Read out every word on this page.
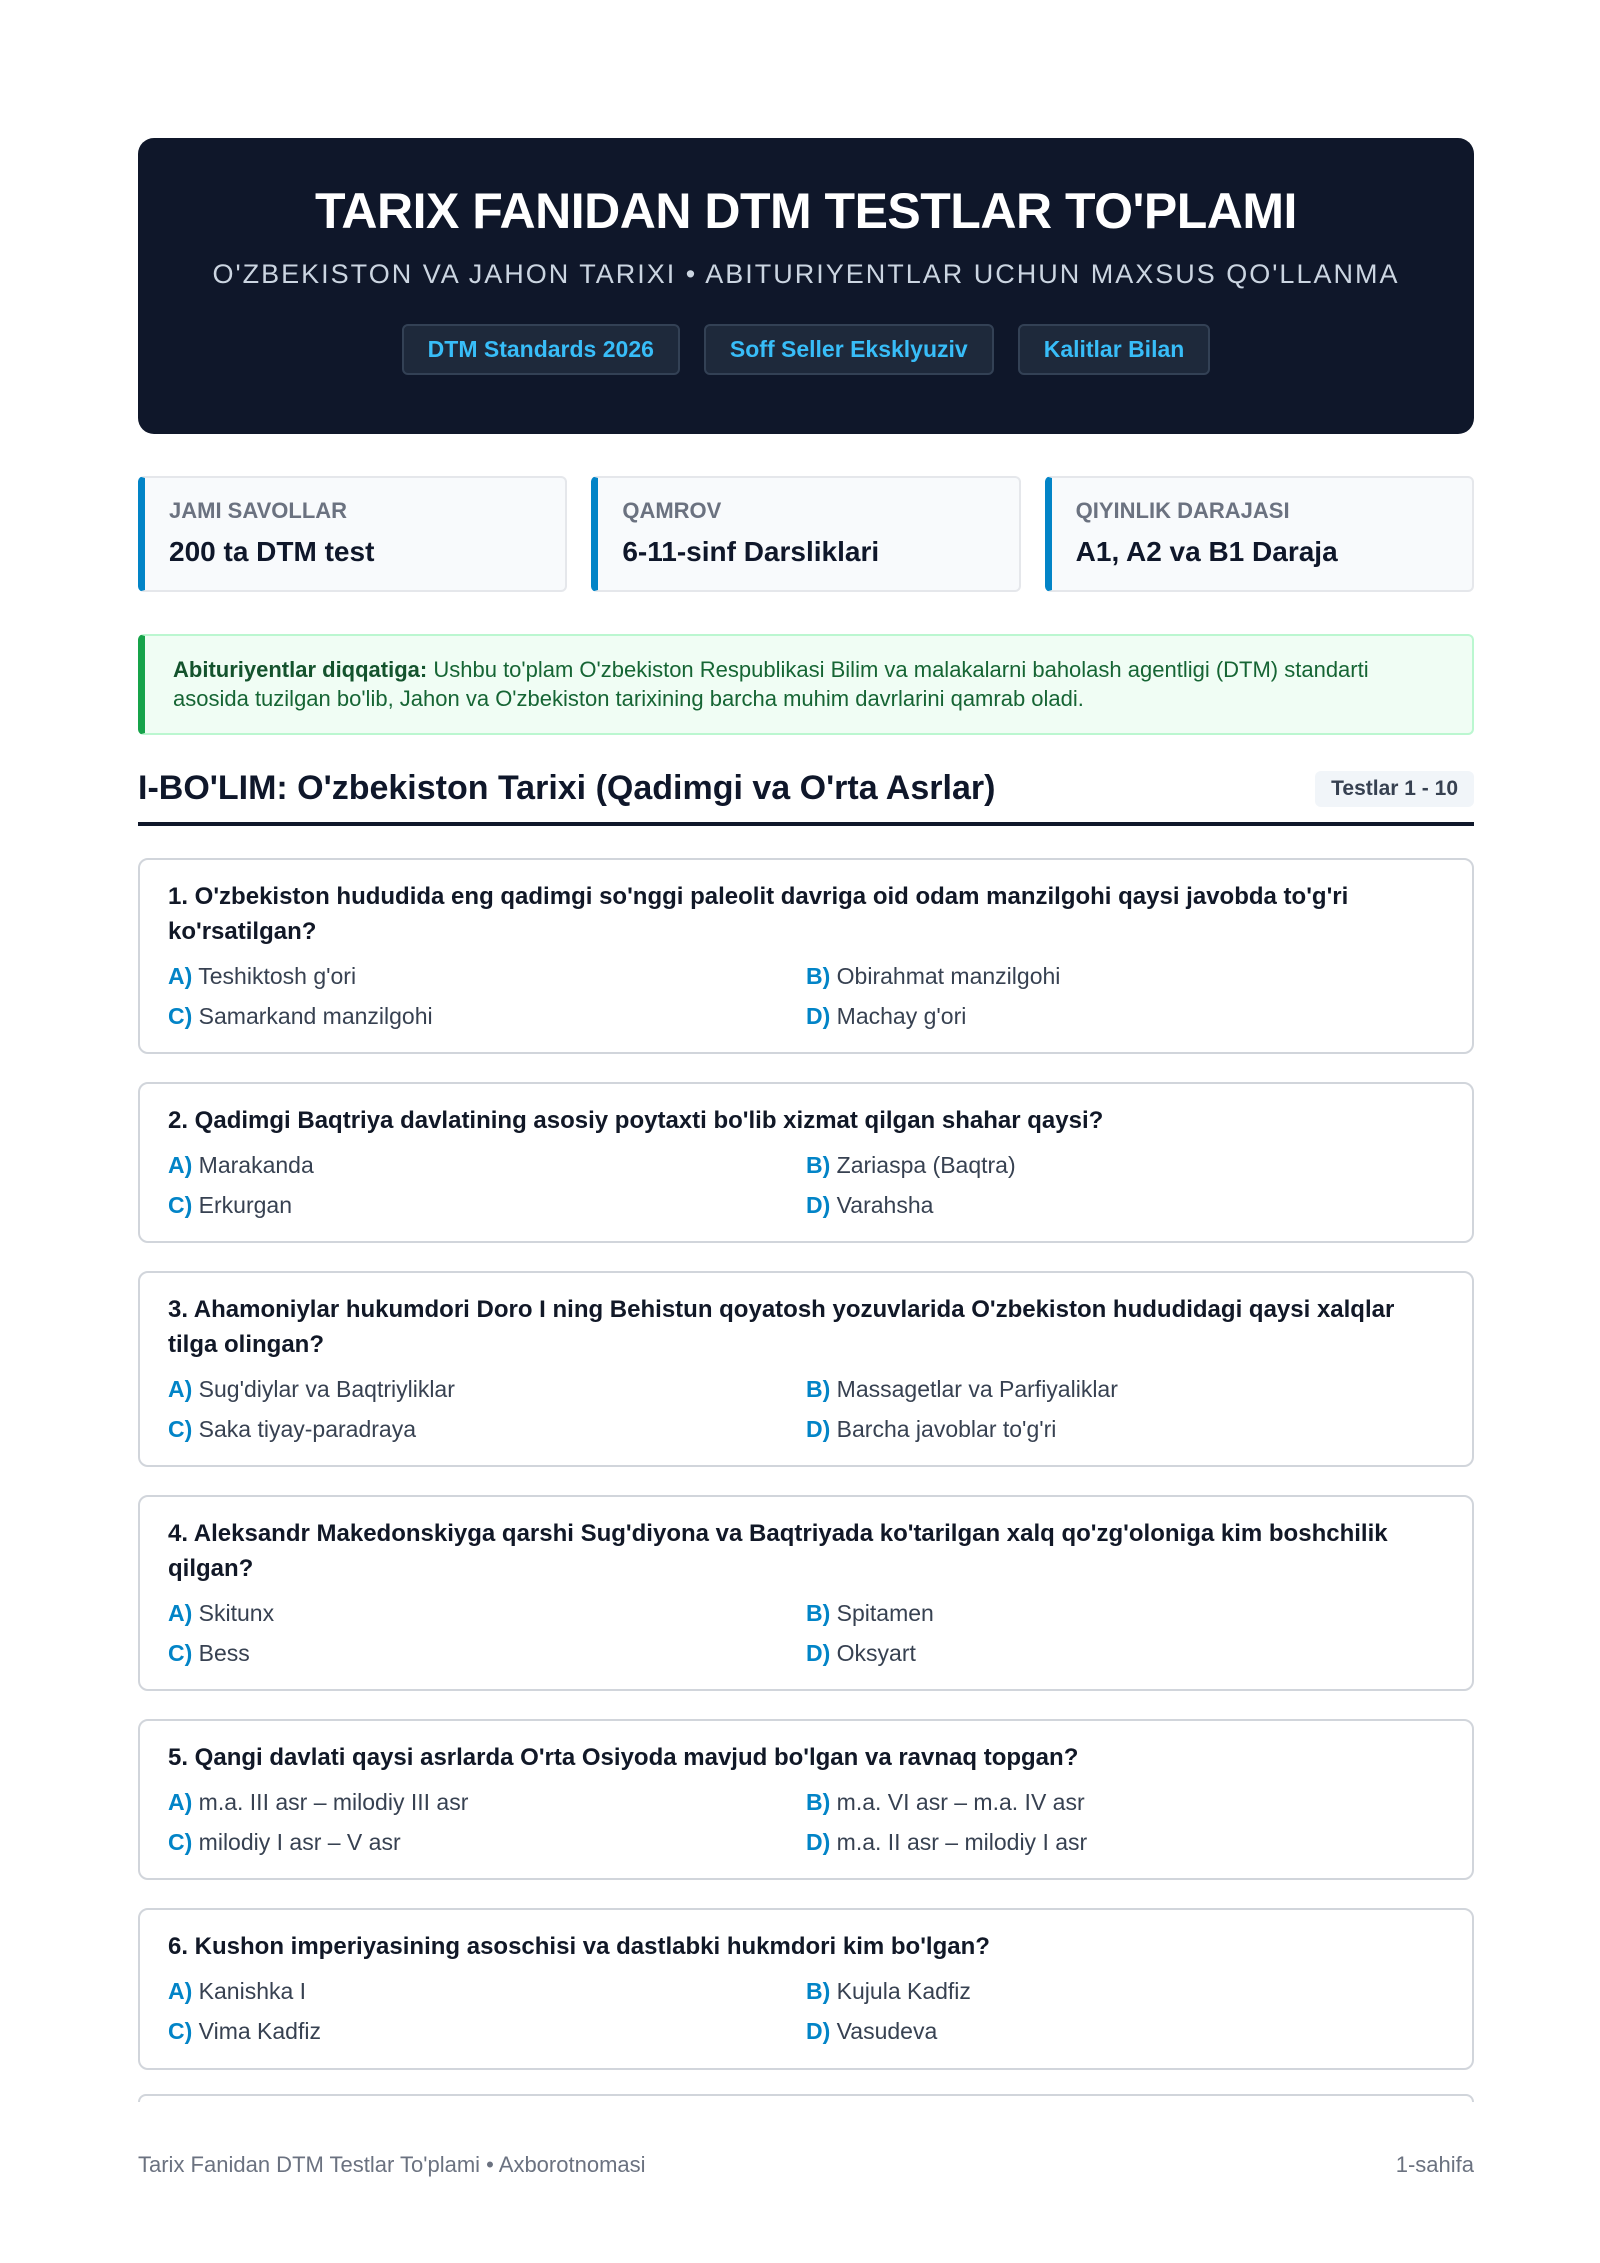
TARIX FANIDAN DTM TESTLAR TO'PLAMI
O'ZBEKISTON VA JAHON TARIXI • ABITURIYENTLAR UCHUN MAXSUS QO'LLANMA
DTM Standards 2026	Soff Seller Eksklyuziv	Kalitlar Bilan
JAMI SAVOLLAR
200 ta DTM test
QAMROV
6-11-sinf Darsliklari
QIYINLIK DARAJASI
A1, A2 va B1 Daraja
Abituriyentlar diqqatiga: Ushbu to'plam O'zbekiston Respublikasi Bilim va malakalarni baholash agentligi (DTM) standarti asosida tuzilgan bo'lib, Jahon va O'zbekiston tarixining barcha muhim davrlarini qamrab oladi.
I-BO'LIM: O'zbekiston Tarixi (Qadimgi va O'rta Asrlar)	Testlar 1 - 10
1. O'zbekiston hududida eng qadimgi so'nggi paleolit davriga oid odam manzilgohi qaysi javobda to'g'ri ko'rsatilgan?
A) Teshiktosh g'ori	B) Obirahmat manzilgohi
C) Samarkand manzilgohi	D) Machay g'ori
2. Qadimgi Baqtriya davlatining asosiy poytaxti bo'lib xizmat qilgan shahar qaysi?
A) Marakanda	B) Zariaspa (Baqtra)
C) Erkurgan	D) Varahsha
3. Ahamoniylar hukumdori Doro I ning Behistun qoyatosh yozuvlarida O'zbekiston hududidagi qaysi xalqlar tilga olingan?
A) Sug'diylar va Baqtriyliklar	B) Massagetlar va Parfiyaliklar
C) Saka tiyay-paradraya	D) Barcha javoblar to'g'ri
4. Aleksandr Makedonskiyga qarshi Sug'diyona va Baqtriyada ko'tarilgan xalq qo'zg'oloniga kim boshchilik qilgan?
A) Skitunx	B) Spitamen
C) Bess	D) Oksyart
5. Qangi davlati qaysi asrlarda O'rta Osiyoda mavjud bo'lgan va ravnaq topgan?
A) m.a. III asr – milodiy III asr	B) m.a. VI asr – m.a. IV asr
C) milodiy I asr – V asr	D) m.a. II asr – milodiy I asr
6. Kushon imperiyasining asoschisi va dastlabki hukmdori kim bo'lgan?
A) Kanishka I	B) Kujula Kadfiz
C) Vima Kadfiz	D) Vasudeva
Tarix Fanidan DTM Testlar To'plami • Axborotnomasi	1-sahifa
